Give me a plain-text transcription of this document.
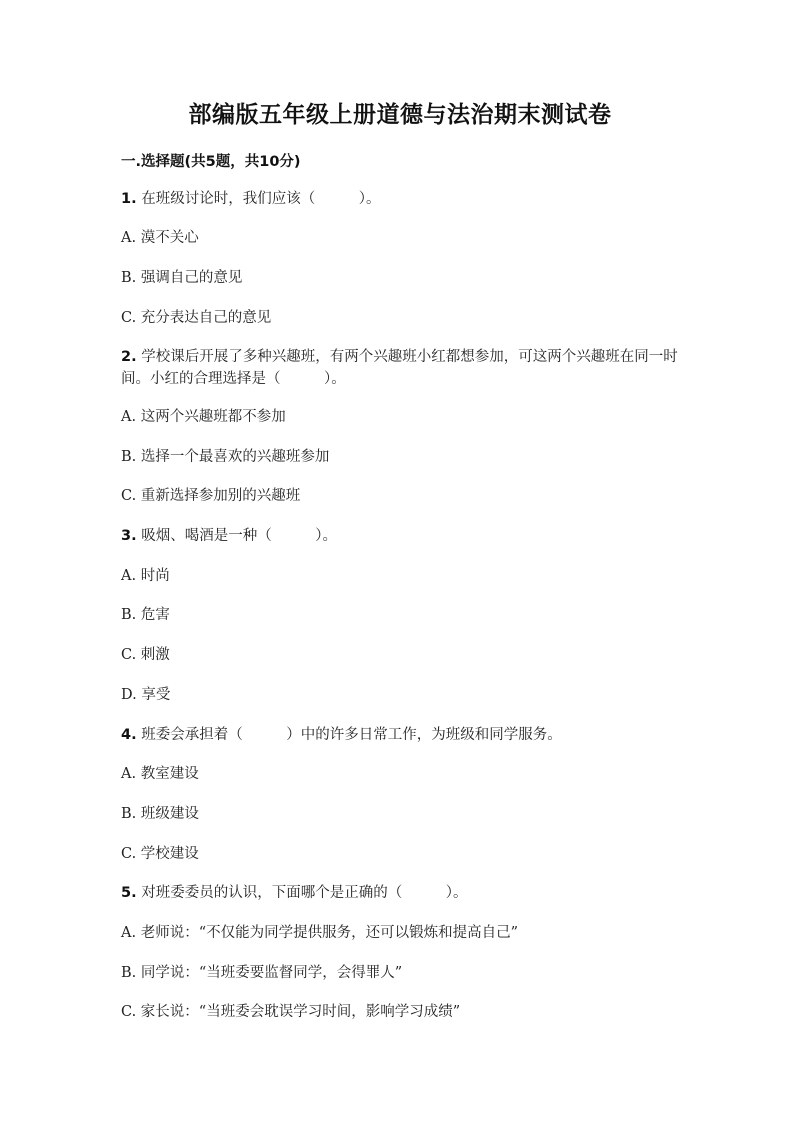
部编版五年级上册道德与法治期末测试卷
一.选择题(共5题，共10分)
1. 在班级讨论时，我们应该（　　　）。
A. 漠不关心
B. 强调自己的意见
C. 充分表达自己的意见
2. 学校课后开展了多种兴趣班，有两个兴趣班小红都想参加，可这两个兴趣班在同一时间。小红的合理选择是（　　　）。
A. 这两个兴趣班都不参加
B. 选择一个最喜欢的兴趣班参加
C. 重新选择参加别的兴趣班
3. 吸烟、喝酒是一种（　　　）。
A. 时尚
B. 危害
C. 刺激
D. 享受
4. 班委会承担着（　　　）中的许多日常工作，为班级和同学服务。
A. 教室建设
B. 班级建设
C. 学校建设
5. 对班委委员的认识，下面哪个是正确的（　　　）。
A. 老师说：“不仅能为同学提供服务，还可以锻炼和提高自己”
B. 同学说：“当班委要监督同学，会得罪人”
C. 家长说：“当班委会耽误学习时间，影响学习成绩”
